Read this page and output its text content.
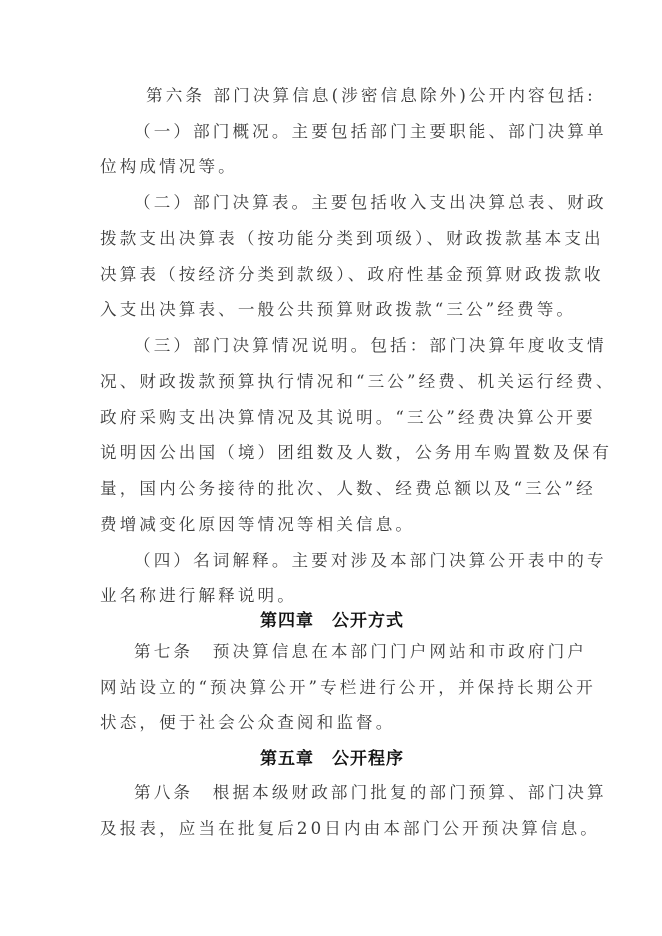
第六条 部门决算信息(涉密信息除外)公开内容包括:
（一）部门概况。主要包括部门主要职能、部门决算单
位构成情况等。
（二）部门决算表。主要包括收入支出决算总表、财政
拨款支出决算表（按功能分类到项级）、财政拨款基本支出
决算表（按经济分类到款级）、政府性基金预算财政拨款收
入支出决算表、一般公共预算财政拨款“三公”经费等。
（三）部门决算情况说明。包括：部门决算年度收支情
况、财政拨款预算执行情况和“三公”经费、机关运行经费、
政府采购支出决算情况及其说明。“三公”经费决算公开要
说明因公出国（境）团组数及人数，公务用车购置数及保有
量，国内公务接待的批次、人数、经费总额以及“三公”经
费增减变化原因等情况等相关信息。
（四）名词解释。主要对涉及本部门决算公开表中的专
业名称进行解释说明。
第四章　公开方式
第七条　预决算信息在本部门门户网站和市政府门户
网站设立的“预决算公开”专栏进行公开，并保持长期公开
状态，便于社会公众查阅和监督。
第五章　公开程序
第八条　根据本级财政部门批复的部门预算、部门决算
及报表，应当在批复后20日内由本部门公开预决算信息。
